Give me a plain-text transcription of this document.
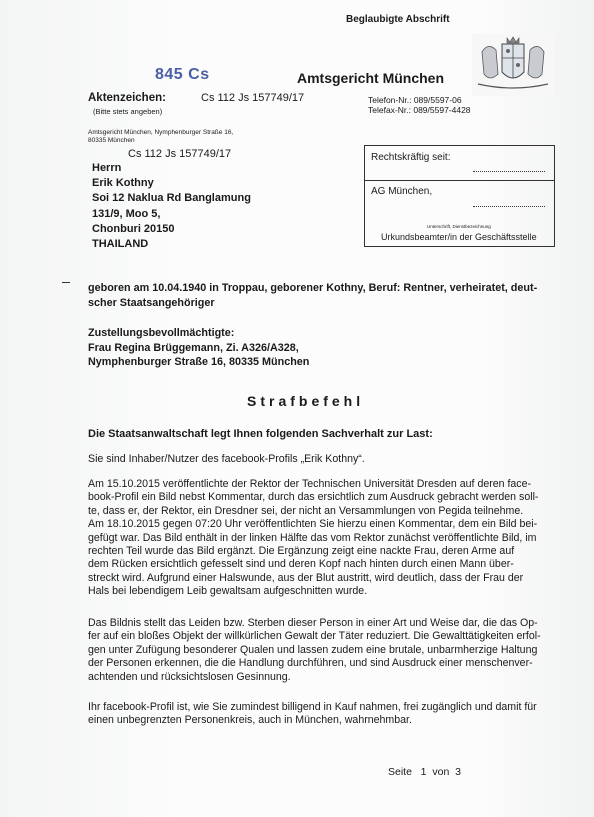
Beglaubigte Abschrift
845 Cs	Amtsgericht München
Aktenzeichen:	Cs 112 Js 157749/17
(Bitte stets angeben)
Telefon-Nr.: 089/5597-06
Telefax-Nr.: 089/5597-4428
Amtsgericht München, Nymphenburger Straße 16,
80335 München
Cs 112 Js 157749/17
Herrn
Erik Kothny
Soi 12 Naklua Rd Banglamung
131/9, Moo 5,
Chonburi 20150
THAILAND
Rechtskräftig seit:
AG München,
Unterschrift, Dienstbezeichnung
Urkundsbeamter/in der Geschäftsstelle
geboren am 10.04.1940 in Troppau, geborener Kothny, Beruf: Rentner, verheiratet, deut-
scher Staatsangehöriger
Zustellungsbevollmächtigte:
Frau Regina Brüggemann, Zi. A326/A328,
Nymphenburger Straße 16, 80335 München
Strafbefehl
Die Staatsanwaltschaft legt Ihnen folgenden Sachverhalt zur Last:
Sie sind Inhaber/Nutzer des facebook-Profils „Erik Kothny“.
Am 15.10.2015 veröffentlichte der Rektor der Technischen Universität Dresden auf deren face-
book-Profil ein Bild nebst Kommentar, durch das ersichtlich zum Ausdruck gebracht werden soll-
te, dass er, der Rektor, ein Dresdner sei, der nicht an Versammlungen von Pegida teilnehme.
Am 18.10.2015 gegen 07:20 Uhr veröffentlichten Sie hierzu einen Kommentar, dem ein Bild bei-
gefügt war. Das Bild enthält in der linken Hälfte das vom Rektor zunächst veröffentlichte Bild, im
rechten Teil wurde das Bild ergänzt. Die Ergänzung zeigt eine nackte Frau, deren Arme auf
dem Rücken ersichtlich gefesselt sind und deren Kopf nach hinten durch einen Mann über-
streckt wird. Aufgrund einer Halswunde, aus der Blut austritt, wird deutlich, dass der Frau der
Hals bei lebendigem Leib gewaltsam aufgeschnitten wurde.
Das Bildnis stellt das Leiden bzw. Sterben dieser Person in einer Art und Weise dar, die das Op-
fer auf ein bloßes Objekt der willkürlichen Gewalt der Täter reduziert. Die Gewalttätigkeiten erfol-
gen unter Zufügung besonderer Qualen und lassen zudem eine brutale, unbarmherzige Haltung
der Personen erkennen, die die Handlung durchführen, und sind Ausdruck einer menschenver-
achtenden und rücksichtslosen Gesinnung.
Ihr facebook-Profil ist, wie Sie zumindest billigend in Kauf nahmen, frei zugänglich und damit für
einen unbegrenzten Personenkreis, auch in München, wahrnehmbar.
Seite   1  von  3
